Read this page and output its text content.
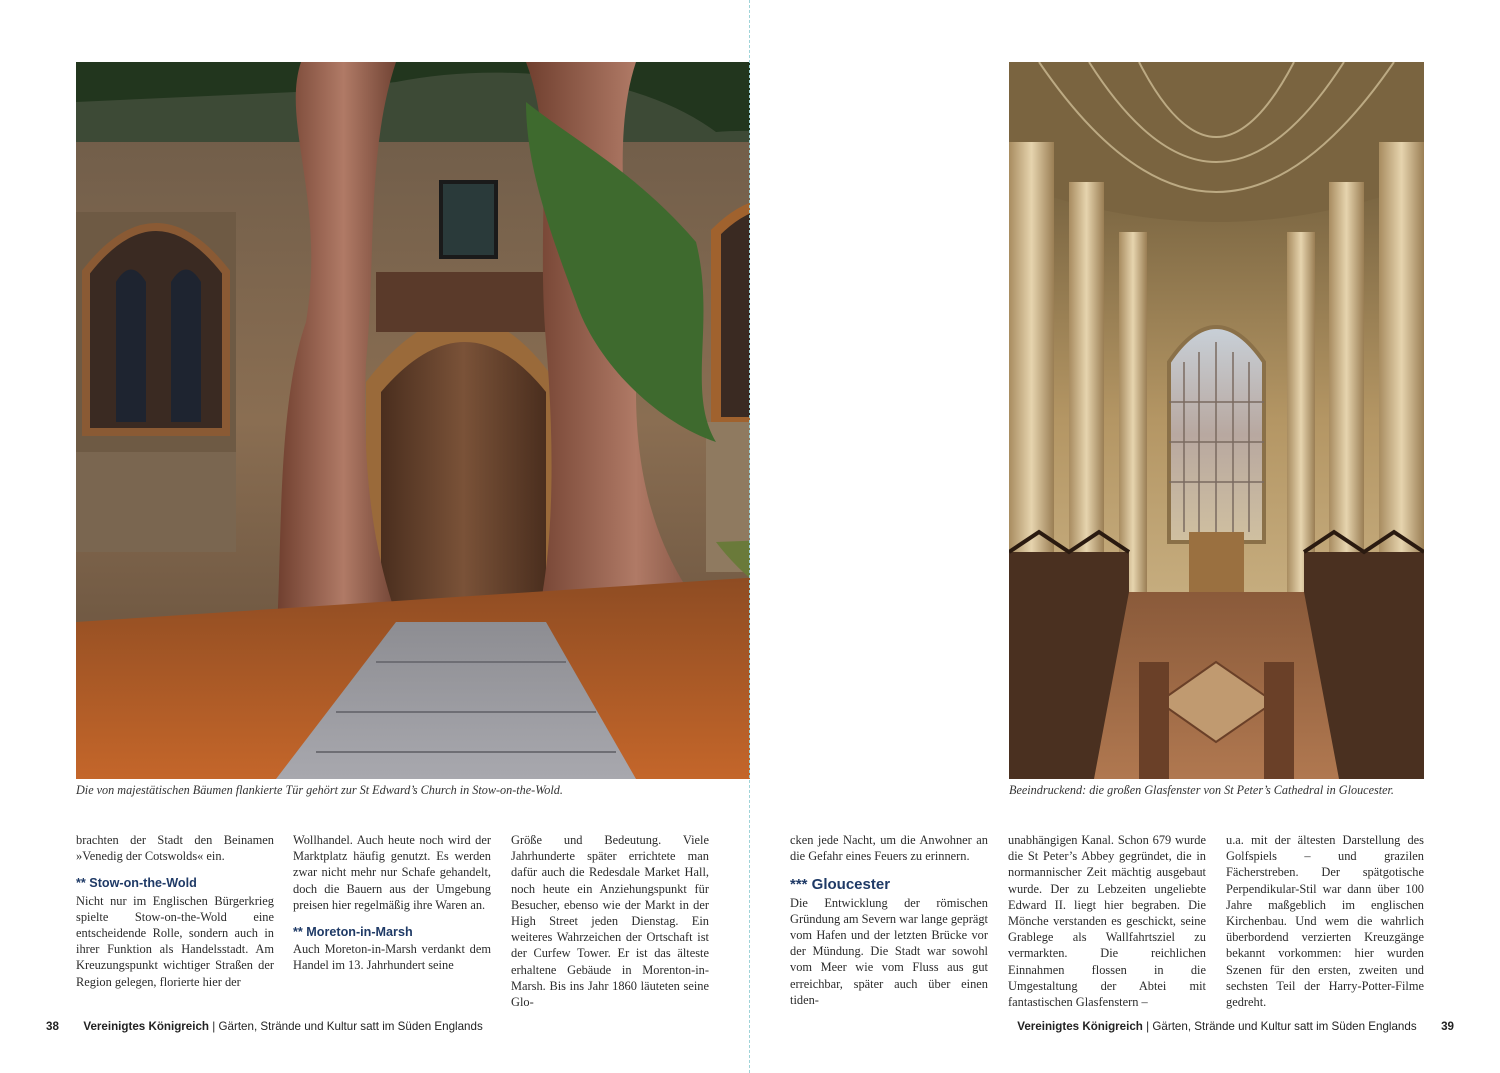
Die von majestätischen Bäumen flankierte Tür gehört zur St Edward’s Church in Stow-on-the-Wold.

brachten der Stadt den Beinamen »Venedig der Cotswolds« ein.

** Stow-on-the-Wold

Nicht nur im Englischen Bürgerkrieg spielte Stow-on-the-Wold eine entscheidende Rolle, sondern auch in ihrer Funktion als Handelsstadt. Am Kreuzungspunkt wichtiger Straßen der Region gelegen, florierte hier der

Wollhandel. Auch heute noch wird der Marktplatz häufig genutzt. Es werden zwar nicht mehr nur Schafe gehandelt, doch die Bauern aus der Umgebung preisen hier regelmäßig ihre Waren an.

** Moreton-in-Marsh

Auch Moreton-in-Marsh verdankt dem Handel im 13. Jahrhundert seine

Größe und Bedeutung. Viele Jahrhunderte später errichtete man dafür auch die Redesdale Market Hall, noch heute ein Anziehungspunkt für Besucher, ebenso wie der Markt in der High Street jeden Dienstag. Ein weiteres Wahrzeichen der Ortschaft ist der Curfew Tower. Er ist das älteste erhaltene Gebäude in Morenton-in-Marsh. Bis ins Jahr 1860 läuteten seine Glo-

38 Vereinigtes Königreich | Gärten, Strände und Kultur satt im Süden Englands
Beeindruckend: die großen Glasfenster von St Peter’s Cathedral in Gloucester.

cken jede Nacht, um die Anwohner an die Gefahr eines Feuers zu erinnern.

*** Gloucester

Die Entwicklung der römischen Gründung am Severn war lange geprägt vom Hafen und der letzten Brücke vor der Mündung. Die Stadt war sowohl vom Meer wie vom Fluss aus gut erreichbar, später auch über einen tiden-

unabhängigen Kanal. Schon 679 wurde die St Peter’s Abbey gegründet, die in normannischer Zeit mächtig ausgebaut wurde. Der zu Lebzeiten ungeliebte Edward II. liegt hier begraben. Die Mönche verstanden es geschickt, seine Grablege als Wallfahrtsziel zu vermarkten. Die reichlichen Einnahmen flossen in die Umgestaltung der Abtei mit fantastischen Glasfenstern –

u.a. mit der ältesten Darstellung des Golfspiels – und grazilen Fächerstreben. Der spätgotische Perpendikular-Stil war dann über 100 Jahre maßgeblich im englischen Kirchenbau. Und wem die wahrlich überbordend verzierten Kreuzgänge bekannt vorkommen: hier wurden Szenen für den ersten, zweiten und sechsten Teil der Harry-Potter-Filme gedreht.

Vereinigtes Königreich | Gärten, Strände und Kultur satt im Süden Englands 39
